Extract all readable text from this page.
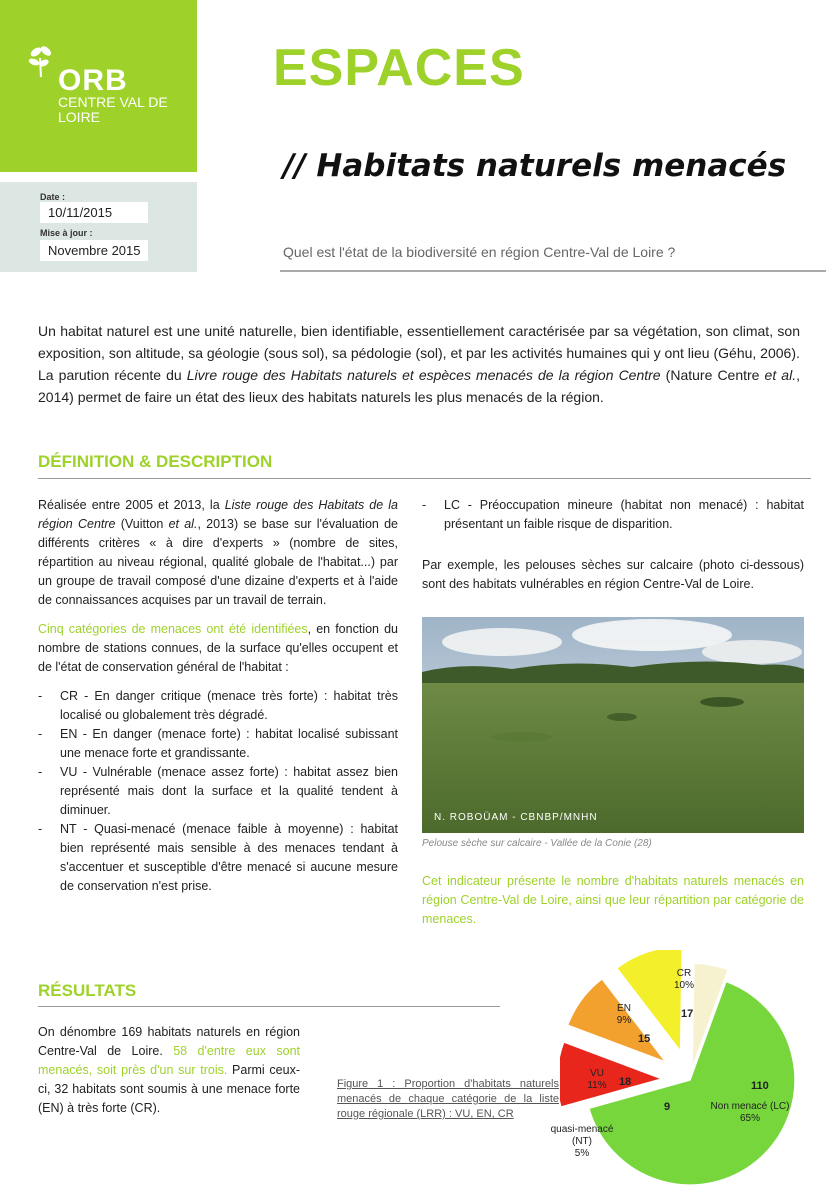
ORB
CENTRE VAL DE LOIRE
Date :
10/11/2015
Mise à jour :
Novembre 2015
ESPACES
// Habitats naturels menacés
Quel est l'état de la biodiversité en région Centre-Val de Loire ?
Un habitat naturel est une unité naturelle, bien identifiable, essentiellement caractérisée par sa végétation, son climat, son exposition, son altitude, sa géologie (sous sol), sa pédologie (sol), et par les activités humaines qui y ont lieu (Géhu, 2006).
La parution récente du Livre rouge des Habitats naturels et espèces menacés de la région Centre (Nature Centre et al., 2014) permet de faire un état des lieux des habitats naturels les plus menacés de la région.
DÉFINITION & DESCRIPTION

Réalisée entre 2005 et 2013, la Liste rouge des Habitats de la région Centre (Vuitton et al., 2013) se base sur l'évaluation de différents critères « à dire d'experts » (nombre de sites, répartition au niveau régional, qualité globale de l'habitat...) par un groupe de travail composé d'une dizaine d'experts et à l'aide de connaissances acquises par un travail de terrain.

Cinq catégories de menaces ont été identifiées, en fonction du nombre de stations connues, de la surface qu'elles occupent et de l'état de conservation général de l'habitat :

- CR - En danger critique (menace très forte) : habitat très localisé ou globalement très dégradé.
- EN - En danger (menace forte) : habitat localisé subissant une menace forte et grandissante.
- VU - Vulnérable (menace assez forte) : habitat assez bien représenté mais dont la surface et la qualité tendent à diminuer.
- NT - Quasi-menacé (menace faible à moyenne) : habitat bien représenté mais sensible à des menaces tendant à s'accentuer et susceptible d'être menacé si aucune mesure de conservation n'est prise.
- LC - Préoccupation mineure (habitat non menacé) : habitat présentant un faible risque de disparition.

Par exemple, les pelouses sèches sur calcaire (photo ci-dessous) sont des habitats vulnérables en région Centre-Val de Loire.

N. ROBOÜAM - CBNBP/MNHN
Pelouse sèche sur calcaire - Vallée de la Conie (28)
Cet indicateur présente le nombre d'habitats naturels menacés en région Centre-Val de Loire, ainsi que leur répartition par catégorie de menaces.
RÉSULTATS
On dénombre 169 habitats naturels en région Centre-Val de Loire. 58 d'entre eux sont menacés, soit près d'un sur trois. Parmi ceux-ci, 32 habitats sont soumis à une menace forte (EN) à très forte (CR).
Figure 1 : Proportion d'habitats naturels menacés de chaque catégorie de la liste rouge régionale (LRR) : VU, EN, CR
CR
10%
17
EN
9%
15
VU
11%	18
9
quasi-menacé (NT)
5%
110
Non menacé (LC)
65%
